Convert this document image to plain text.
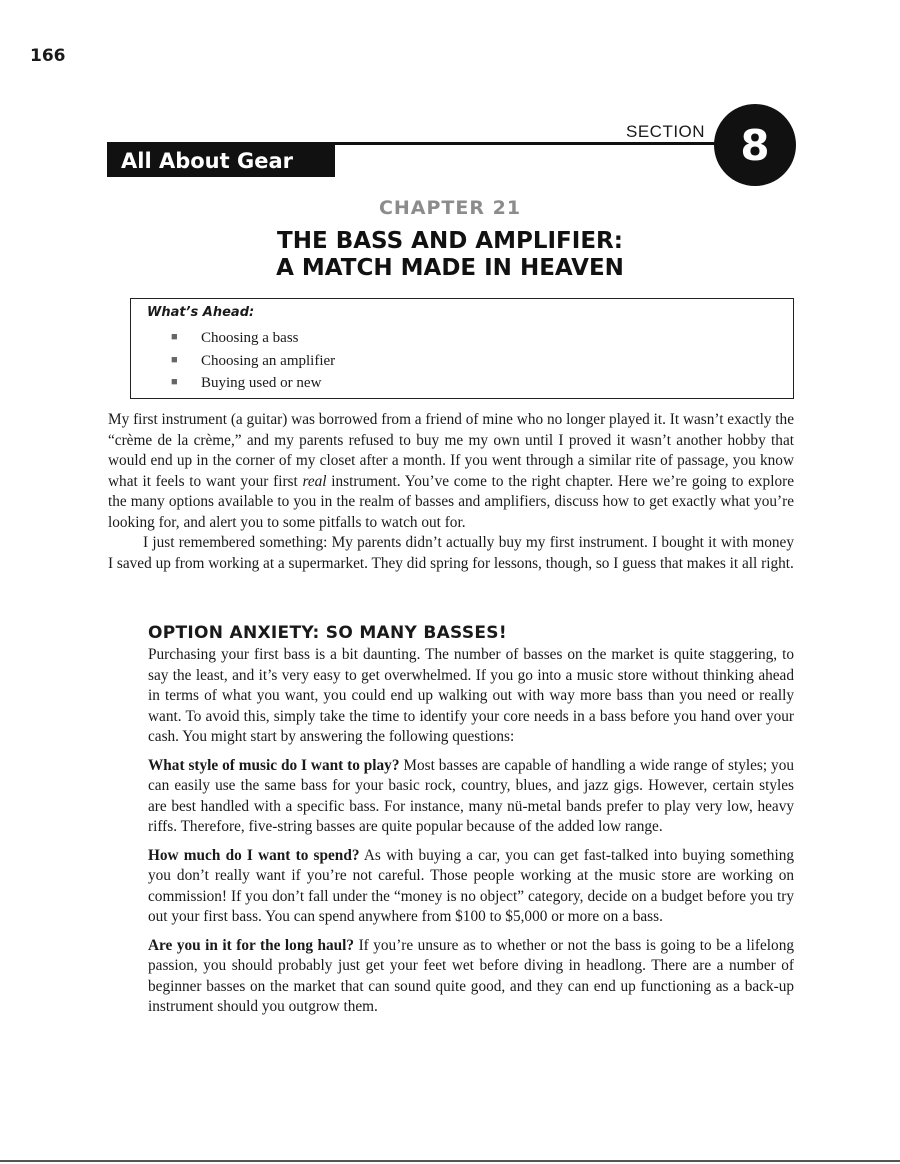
166
SECTION 8
All About Gear
CHAPTER 21
THE BASS AND AMPLIFIER:
A MATCH MADE IN HEAVEN
What’s Ahead:
■ Choosing a bass
■ Choosing an amplifier
■ Buying used or new

My first instrument (a guitar) was borrowed from a friend of mine who no longer played it. It wasn’t exactly the “crème de la crème,” and my parents refused to buy me my own until I proved it wasn’t another hobby that would end up in the corner of my closet after a month. If you went through a similar rite of passage, you know what it feels to want your first real instrument. You’ve come to the right chapter. Here we’re going to explore the many options available to you in the realm of basses and amplifiers, discuss how to get exactly what you’re looking for, and alert you to some pitfalls to watch out for.

I just remembered something: My parents didn’t actually buy my first instrument. I bought it with money I saved up from working at a supermarket. They did spring for lessons, though, so I guess that makes it all right.

OPTION ANXIETY: SO MANY BASSES!

Purchasing your first bass is a bit daunting. The number of basses on the market is quite staggering, to say the least, and it’s very easy to get overwhelmed. If you go into a music store without thinking ahead in terms of what you want, you could end up walking out with way more bass than you need or really want. To avoid this, simply take the time to identify your core needs in a bass before you hand over your cash. You might start by answering the following questions:

What style of music do I want to play? Most basses are capable of handling a wide range of styles; you can easily use the same bass for your basic rock, country, blues, and jazz gigs. However, certain styles are best handled with a specific bass. For instance, many nü-metal bands prefer to play very low, heavy riffs. Therefore, five-string basses are quite popular because of the added low range.

How much do I want to spend? As with buying a car, you can get fast-talked into buying something you don’t really want if you’re not careful. Those people working at the music store are working on commission! If you don’t fall under the “money is no object” category, decide on a budget before you try out your first bass. You can spend anywhere from $100 to $5,000 or more on a bass.

Are you in it for the long haul? If you’re unsure as to whether or not the bass is going to be a lifelong passion, you should probably just get your feet wet before diving in headlong. There are a number of beginner basses on the market that can sound quite good, and they can end up functioning as a back-up instrument should you outgrow them.
